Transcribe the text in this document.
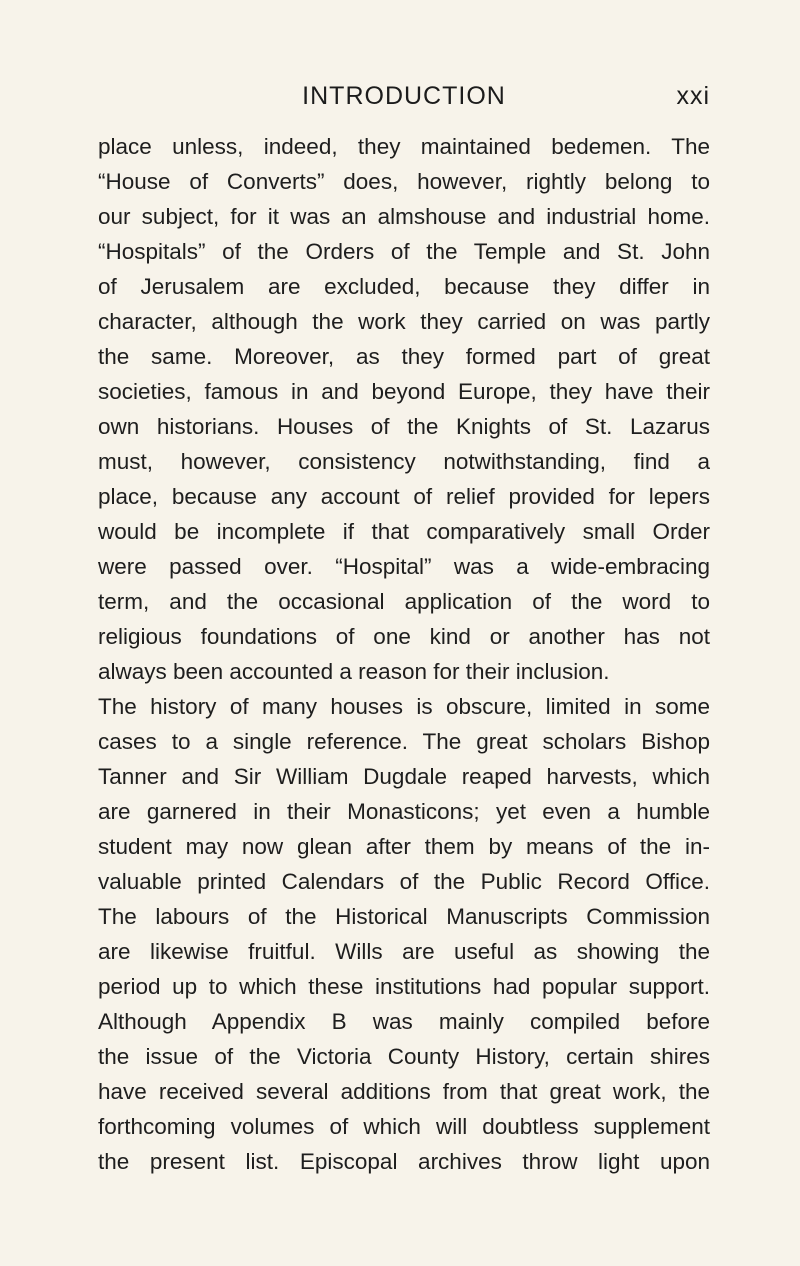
INTRODUCTION	xxi
place unless, indeed, they maintained bedemen. The
“House of Converts” does, however, rightly belong to
our subject, for it was an almshouse and industrial home.
“Hospitals” of the Orders of the Temple and St. John
of Jerusalem are excluded, because they differ in
character, although the work they carried on was partly
the same. Moreover, as they formed part of great
societies, famous in and beyond Europe, they have their
own historians. Houses of the Knights of St. Lazarus
must, however, consistency notwithstanding, find a
place, because any account of relief provided for lepers
would be incomplete if that comparatively small Order
were passed over. “Hospital” was a wide-embracing
term, and the occasional application of the word to
religious foundations of one kind or another has not
always been accounted a reason for their inclusion.
The history of many houses is obscure, limited in some
cases to a single reference. The great scholars Bishop
Tanner and Sir William Dugdale reaped harvests, which
are garnered in their Monasticons; yet even a humble
student may now glean after them by means of the in-
valuable printed Calendars of the Public Record Office.
The labours of the Historical Manuscripts Commission
are likewise fruitful. Wills are useful as showing the
period up to which these institutions had popular support.
Although Appendix B was mainly compiled before
the issue of the Victoria County History, certain shires
have received several additions from that great work, the
forthcoming volumes of which will doubtless supplement
the present list. Episcopal archives throw light upon
